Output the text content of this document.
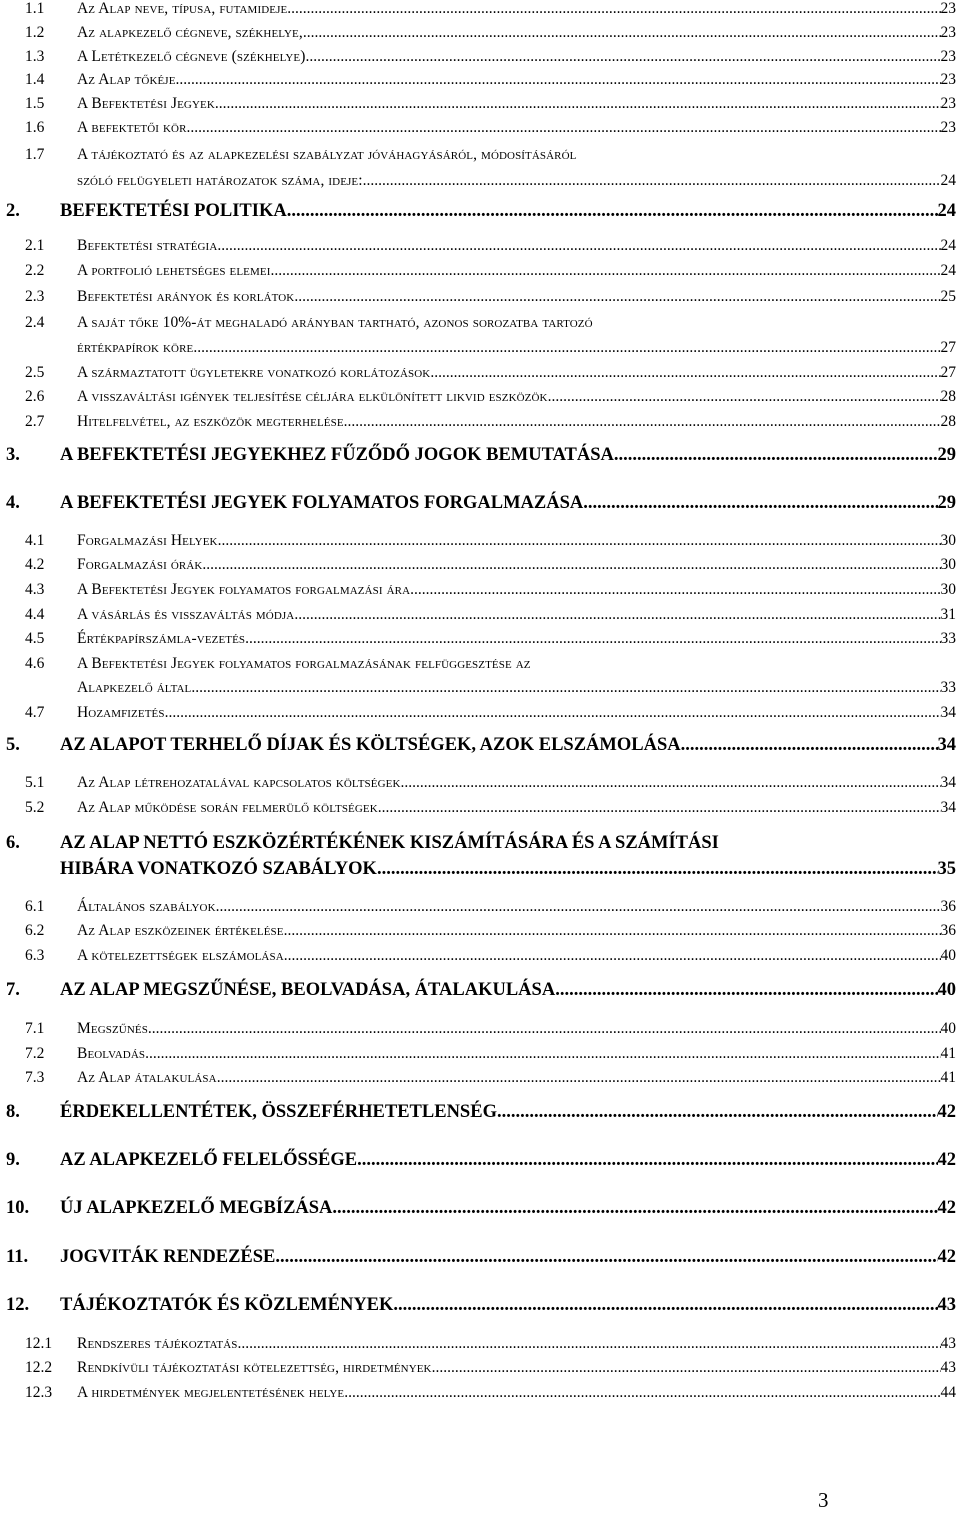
1.1 Az Alap neve, típusa, futamideje .....	23
1.2 Az alapkezelő cégneve, székhelye, .....	23
1.3 A Letétkezelő cégneve (székhelye) .....	23
1.4 Az Alap tőkéje .....	23
1.5 A Befektetési Jegyek .....	23
1.6 A befektetői kör .....	23
1.7 A tájékoztató és az alapkezelési szabályzat jóváhagyásáról, módosításáról
szóló felügyeleti határozatok száma, ideje: .....	24
2. BEFEKTETÉSI POLITIKA .....	24
2.1 Befektetési stratégia .....	24
2.2 A portfolió lehetséges elemei .....	24
2.3 Befektetési arányok és korlátok .....	25
2.4 A saját tőke 10%-át meghaladó arányban tartható, azonos sorozatba tartozó
értékpapírok köre .....	27
2.5 A származtatott ügyletekre vonatkozó korlátozások .....	27
2.6 A visszaváltási igények teljesítése céljára elkülönített likvid eszközök .....	28
2.7 Hitelfelvétel, az eszközök megterhelése .....	28
3. A BEFEKTETÉSI JEGYEKHEZ FŰZŐDŐ JOGOK BEMUTATÁSA .....	29
4. A BEFEKTETÉSI JEGYEK FOLYAMATOS FORGALMAZÁSA .....	29
4.1 Forgalmazási Helyek .....	30
4.2 Forgalmazási órák .....	30
4.3 A Befektetési Jegyek folyamatos forgalmazási ára .....	30
4.4 A vásárlás és visszaváltás módja .....	31
4.5 Értékpapírszámla-vezetés .....	33
4.6 A Befektetési Jegyek folyamatos forgalmazásának felfüggesztése az
Alapkezelő által .....	33
4.7 Hozamfizetés .....	34
5. AZ ALAPOT TERHELŐ DÍJAK ÉS KÖLTSÉGEK, AZOK ELSZÁMOLÁSA .....	34
5.1 Az Alap létrehozatalával kapcsolatos költségek .....	34
5.2 Az Alap működése során felmerülő költségek .....	34
6. AZ ALAP NETTÓ ESZKÖZÉRTÉKÉNEK KISZÁMÍTÁSÁRA ÉS A SZÁMÍTÁSI
HIBÁRA VONATKOZÓ SZABÁLYOK .....	35
6.1 Általános szabályok .....	36
6.2 Az Alap eszközeinek értékelése .....	36
6.3 A kötelezettségek elszámolása .....	40
7. AZ ALAP MEGSZŰNÉSE, BEOLVADÁSA, ÁTALAKULÁSA .....	40
7.1 Megszűnés .....	40
7.2 Beolvadás .....	41
7.3 Az Alap átalakulása .....	41
8. ÉRDEKELLENTÉTEK, ÖSSZEFÉRHETETLENSÉG .....	42
9. AZ ALAPKEZELŐ FELELŐSSÉGE .....	42
10. ÚJ ALAPKEZELŐ MEGBÍZÁSA .....	42
11. JOGVITÁK RENDEZÉSE .....	42
12. TÁJÉKOZTATÓK ÉS KÖZLEMÉNYEK .....	43
12.1 Rendszeres tájékoztatás .....	43
12.2 Rendkívüli tájékoztatási kötelezettség, hirdetmények .....	43
12.3 A hirdetmények megjelentetésének helye .....	44
3
